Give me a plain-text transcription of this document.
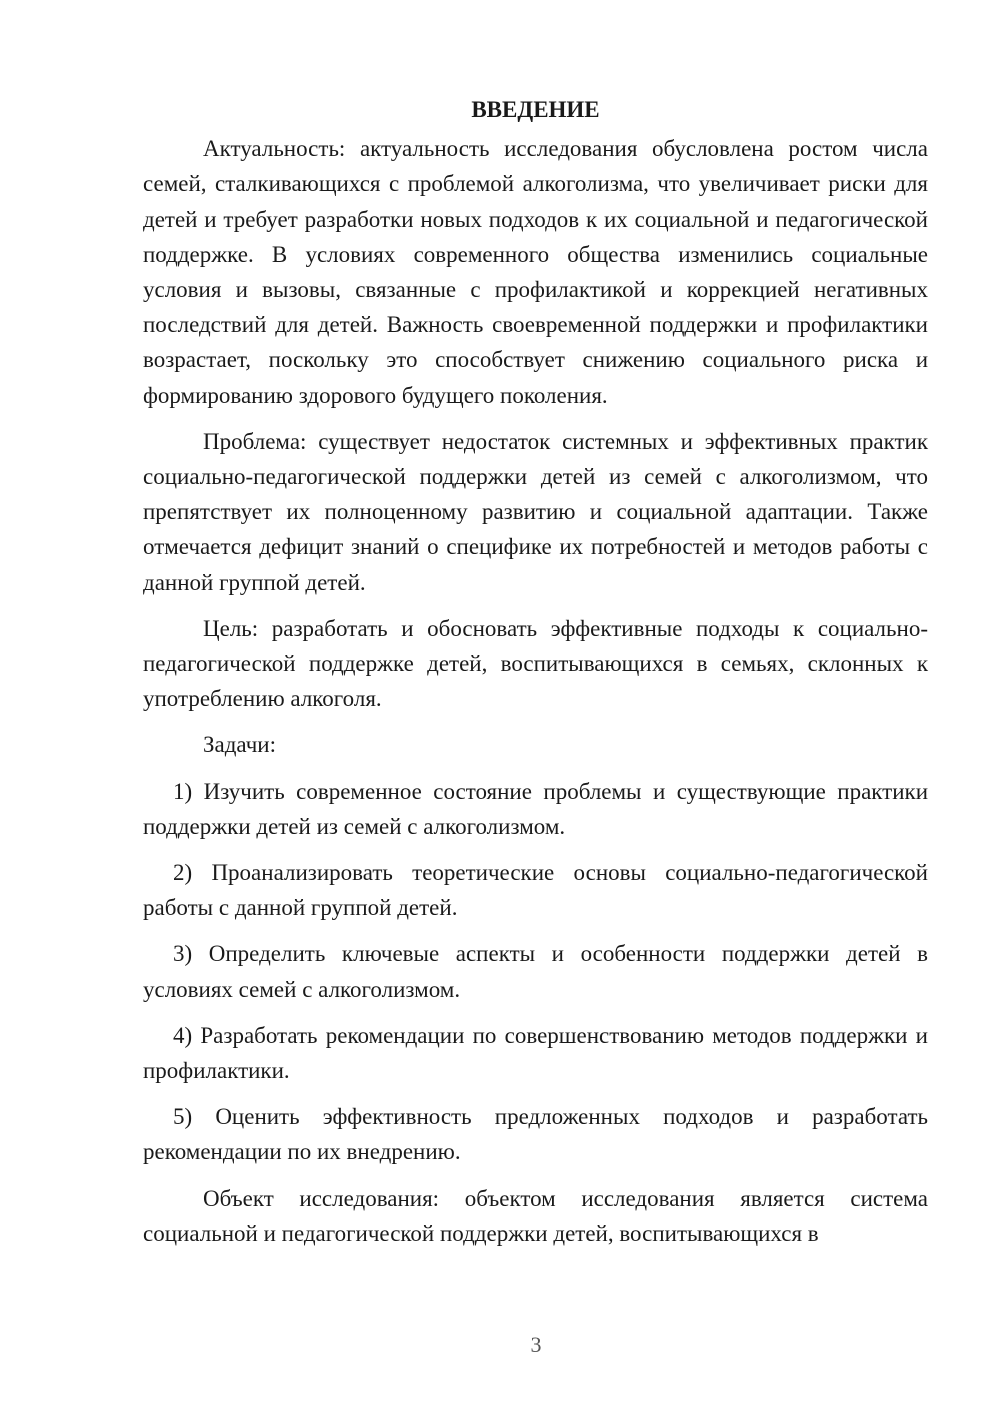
ВВЕДЕНИЕ

Актуальность: актуальность исследования обусловлена ростом числа семей, сталкивающихся с проблемой алкоголизма, что увеличивает риски для детей и требует разработки новых подходов к их социальной и педагогической поддержке. В условиях современного общества изменились социальные условия и вызовы, связанные с профилактикой и коррекцией негативных последствий для детей. Важность своевременной поддержки и профилактики возрастает, поскольку это способствует снижению социального риска и формированию здорового будущего поколения.

Проблема: существует недостаток системных и эффективных практик социально-педагогической поддержки детей из семей с алкоголизмом, что препятствует их полноценному развитию и социальной адаптации. Также отмечается дефицит знаний о специфике их потребностей и методов работы с данной группой детей.

Цель: разработать и обосновать эффективные подходы к социально-педагогической поддержке детей, воспитывающихся в семьях, склонных к употреблению алкоголя.

Задачи:

1) Изучить современное состояние проблемы и существующие практики поддержки детей из семей с алкоголизмом.

2) Проанализировать теоретические основы социально-педагогической работы с данной группой детей.

3) Определить ключевые аспекты и особенности поддержки детей в условиях семей с алкоголизмом.

4) Разработать рекомендации по совершенствованию методов поддержки и профилактики.

5) Оценить эффективность предложенных подходов и разработать рекомендации по их внедрению.

Объект исследования: объектом исследования является система социальной и педагогической поддержки детей, воспитывающихся в

3
